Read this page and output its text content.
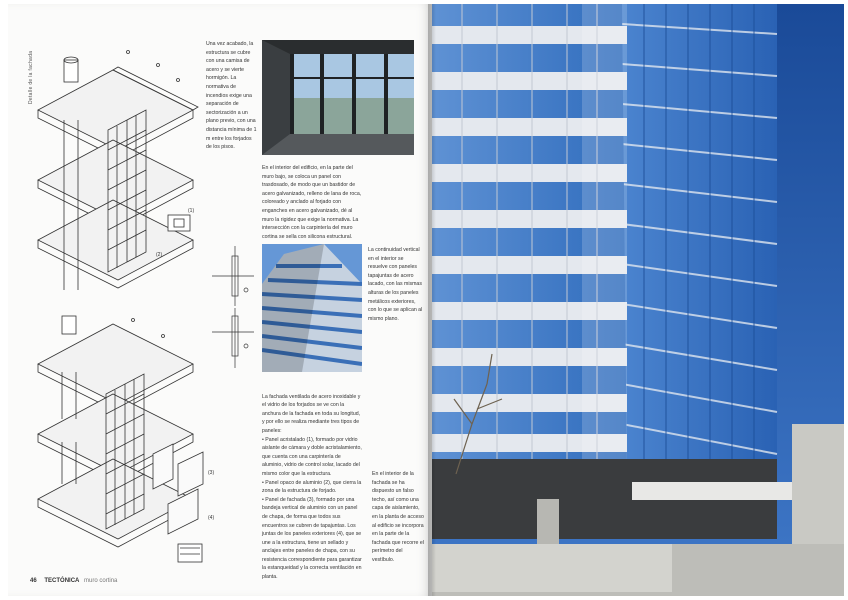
Detalle de la fachada
(1)
(2)
(3)
(4)

Una vez acabado, la estructura se cubre con una camisa de acero y se vierte hormigón. La normativa de incendios exige una separación de sectorización a un plano previo, con una distancia mínima de 1 m entre los forjados de los pisos.

En el interior del edificio, en la parte del muro bajo, se coloca un panel con trasdosado, de modo que un bastidor de acero galvanizado, relleno de lana de roca, coloreado y anclado al forjado con enganches en acero galvanizado, dé al muro la rigidez que exige la normativa. La intersección con la carpintería del muro cortina se sella con silicona estructural.

La continuidad vertical en el interior se resuelve con paneles tapajuntas de acero lacado, con las mismas alturas de los paneles metálicos exteriores, con lo que se aplican al mismo plano.

La fachada ventilada de acero inoxidable y el vidrio de los forjados se ve con la anchura de la fachada en toda su longitud, y por ello se realiza mediante tres tipos de paneles:
• Panel acristalado (1), formado por vidrio aislante de cámara y doble acristalamiento, que cuenta con una carpintería de aluminio, vidrio de control solar, lacado del mismo color que la estructura.
• Panel opaco de aluminio (2), que cierra la zona de la estructura de forjado.
• Panel de fachada (3), formado por una bandeja vertical de aluminio con un panel de chapa, de forma que todos sus encuentros se cubren de tapajuntas. Los juntas de los paneles exteriores (4), que se une a la estructura, tiene un sellado y anclajes entre paneles de chapa, con su resistencia correspondiente para garantizar la estanqueidad y la correcta ventilación en planta.

En el interior de la fachada se ha dispuesto un falso techo, así como una capa de aislamiento, en la planta de acceso al edificio se incorpora en la parte de la fachada que recorre el perímetro del vestíbulo.

46 TECTÓNICA muro cortina
